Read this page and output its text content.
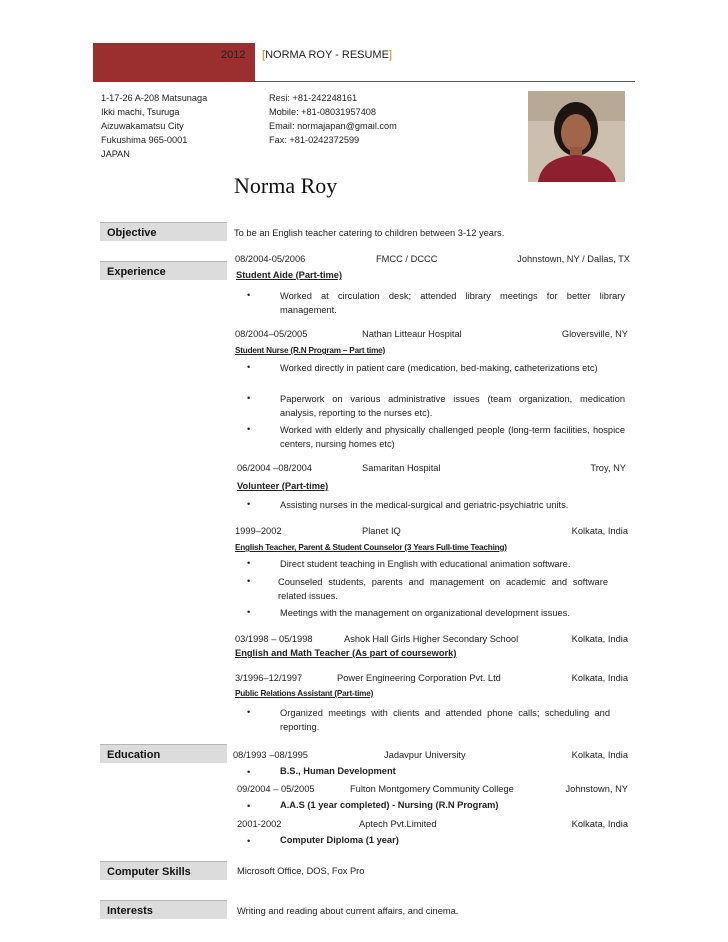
2012 [NORMA ROY - RESUME]
1-17-26 A-208 Matsunaga
Ikki machi, Tsuruga
Aizuwakamatsu City
Fukushima 965-0001
JAPAN
Resi: +81-242248161
Mobile: +81-08031957408
Email: normajapan@gmail.com
Fax: +81-0242372599
Norma Roy
Objective
Experience
Education
Computer Skills
Interests
To be an English teacher catering to children between 3-12 years.
08/2004-05/2006	FMCC / DCCC	Johnstown, NY / Dallas, TX
Student Aide (Part-time)
•	Worked at circulation desk; attended library meetings for better library management.
08/2004–05/2005	Nathan Litteaur Hospital	Gloversville, NY
Student Nurse (R.N Program – Part time)
•	Worked directly in patient care (medication, bed-making, catheterizations etc)
•	Paperwork on various administrative issues (team organization, medication analysis, reporting to the nurses etc).
•	Worked with elderly and physically challenged people (long-term facilities, hospice centers, nursing homes etc)
06/2004 –08/2004	Samaritan Hospital	Troy, NY
Volunteer (Part-time)
•	Assisting nurses in the medical-surgical and geriatric-psychiatric units.
1999–2002	Planet IQ	Kolkata, India
English Teacher, Parent & Student Counselor (3 Years Full-time Teaching)
•	Direct student teaching in English with educational animation software.
•	Counseled students, parents and management on academic and software related issues.
•	Meetings with the management on organizational development issues.
03/1998 – 05/1998	Ashok Hall Girls Higher Secondary School	Kolkata, India
English and Math Teacher (As part of coursework)
3/1996–12/1997	Power Engineering Corporation Pvt. Ltd	Kolkata, India
Public Relations Assistant (Part-time)
•	Organized meetings with clients and attended phone calls; scheduling and reporting.
08/1993 –08/1995	Jadavpur University	Kolkata, India
•	B.S., Human Development
09/2004 – 05/2005	Fulton Montgomery Community College	Johnstown, NY
•	A.A.S (1 year completed) - Nursing (R.N Program)
2001-2002	Aptech Pvt.Limited	Kolkata, India
•	Computer Diploma (1 year)
Microsoft Office, DOS, Fox Pro
Writing and reading about current affairs, and cinema.
